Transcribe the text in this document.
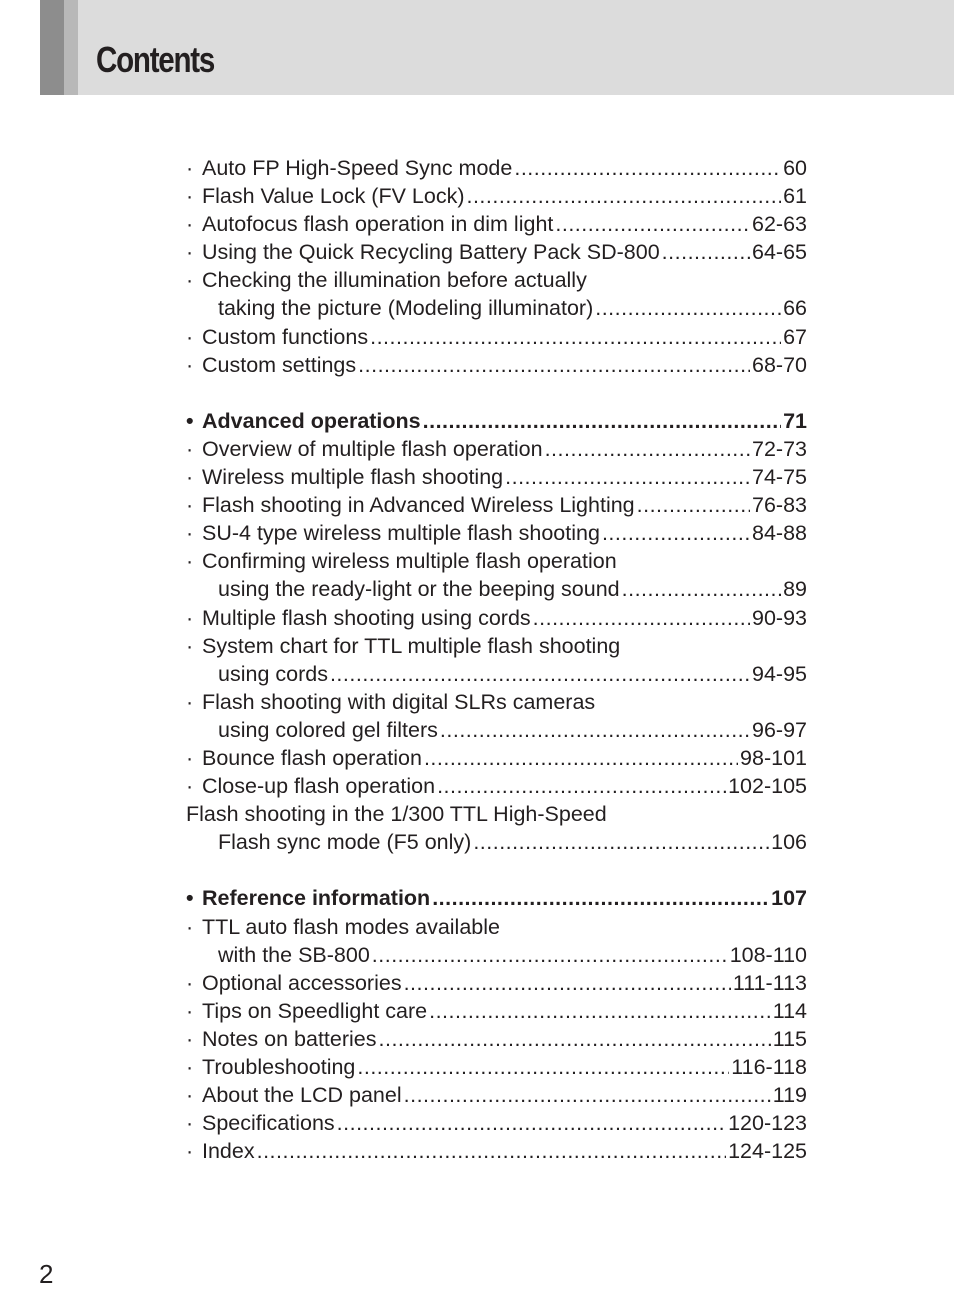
Contents
· Auto FP High-Speed Sync mode .....	60
· Flash Value Lock (FV Lock) .....	61
· Autofocus flash operation in dim light .....	62-63
· Using the Quick Recycling Battery Pack SD-800 .....	64-65
· Checking the illumination before actually
taking the picture (Modeling illuminator) .....	66
· Custom functions .....	67
· Custom settings .....	68-70
• Advanced operations .....	71
· Overview of multiple flash operation .....	72-73
· Wireless multiple flash shooting .....	74-75
· Flash shooting in Advanced Wireless Lighting .....	76-83
· SU-4 type wireless multiple flash shooting .....	84-88
· Confirming wireless multiple flash operation
using the ready-light or the beeping sound .....	89
· Multiple flash shooting using cords .....	90-93
· System chart for TTL multiple flash shooting
using cords .....	94-95
· Flash shooting with digital SLRs cameras
using colored gel filters .....	96-97
· Bounce flash operation .....	98-101
· Close-up flash operation .....	102-105
Flash shooting in the 1/300 TTL High-Speed
Flash sync mode (F5 only) .....	106
• Reference information .....	107
· TTL auto flash modes available
with the SB-800 .....	108-110
· Optional accessories .....	111-113
· Tips on Speedlight care .....	114
· Notes on batteries .....	115
· Troubleshooting .....	116-118
· About the LCD panel .....	119
· Specifications .....	120-123
· Index .....	124-125
2
